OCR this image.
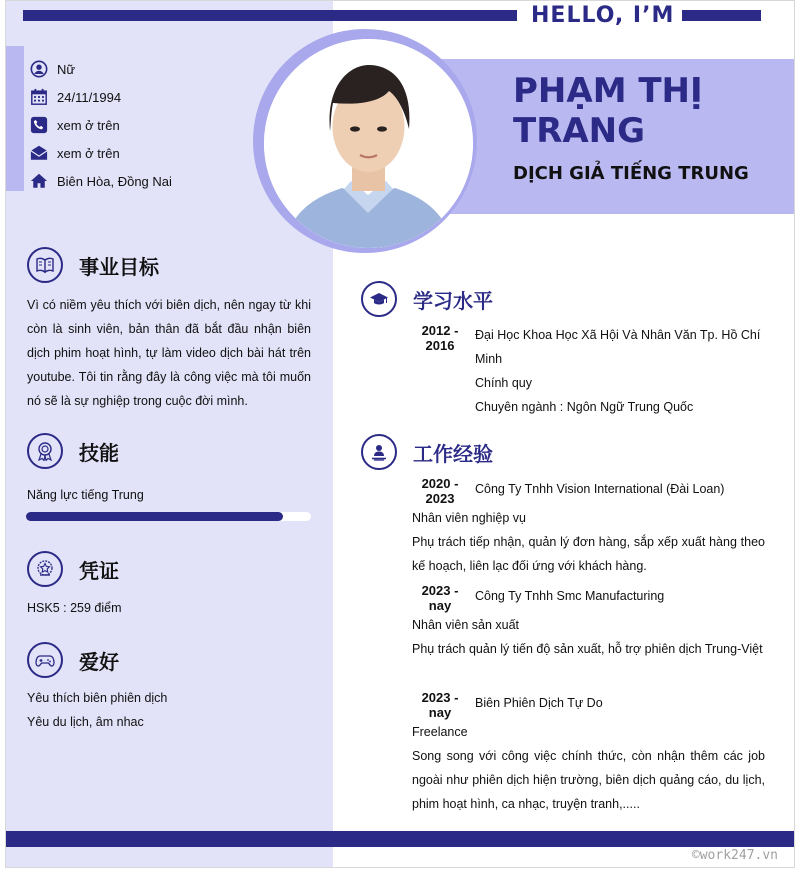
HELLO, I’M
Nữ
24/11/1994
xem ở trên
xem ở trên
Biên Hòa, Đồng Nai
PHẠM THỊ TRANG
DỊCH GIẢ TIẾNG TRUNG
事业目标
Vì có niềm yêu thích với biên dịch, nên ngay từ khi còn là sinh viên, bản thân đã bắt đầu nhận biên dịch phim hoạt hình, tự làm video dịch bài hát trên youtube. Tôi tin rằng đây là công việc mà tôi muốn nó sẽ là sự nghiệp trong cuộc đời mình.
技能
Năng lực tiếng Trung
凭证
HSK5 : 259 điểm
爱好
Yêu thích biên phiên dịch
Yêu du lịch, âm nhac
学习水平
2012 -
2016
Đại Học Khoa Học Xã Hội Và Nhân Văn Tp. Hồ Chí Minh
Chính quy
Chuyên ngành : Ngôn Ngữ Trung Quốc
工作经验
2020 -
2023
Công Ty Tnhh Vision International (Đài Loan)
Nhân viên nghiệp vụ
Phụ trách tiếp nhận, quản lý đơn hàng, sắp xếp xuất hàng theo kế hoạch, liên lạc đối ứng với khách hàng.
2023 -
nay
Công Ty Tnhh Smc Manufacturing
Nhân viên sản xuất
Phụ trách quản lý tiến độ sản xuất, hỗ trợ phiên dịch Trung-Việt
2023 -
nay
Biên Phiên Dịch Tự Do
Freelance
Song song với công việc chính thức, còn nhận thêm các job ngoài như phiên dịch hiện trường, biên dịch quảng cáo, du lịch, phim hoạt hình, ca nhạc, truyện tranh,.....
©work247.vn
